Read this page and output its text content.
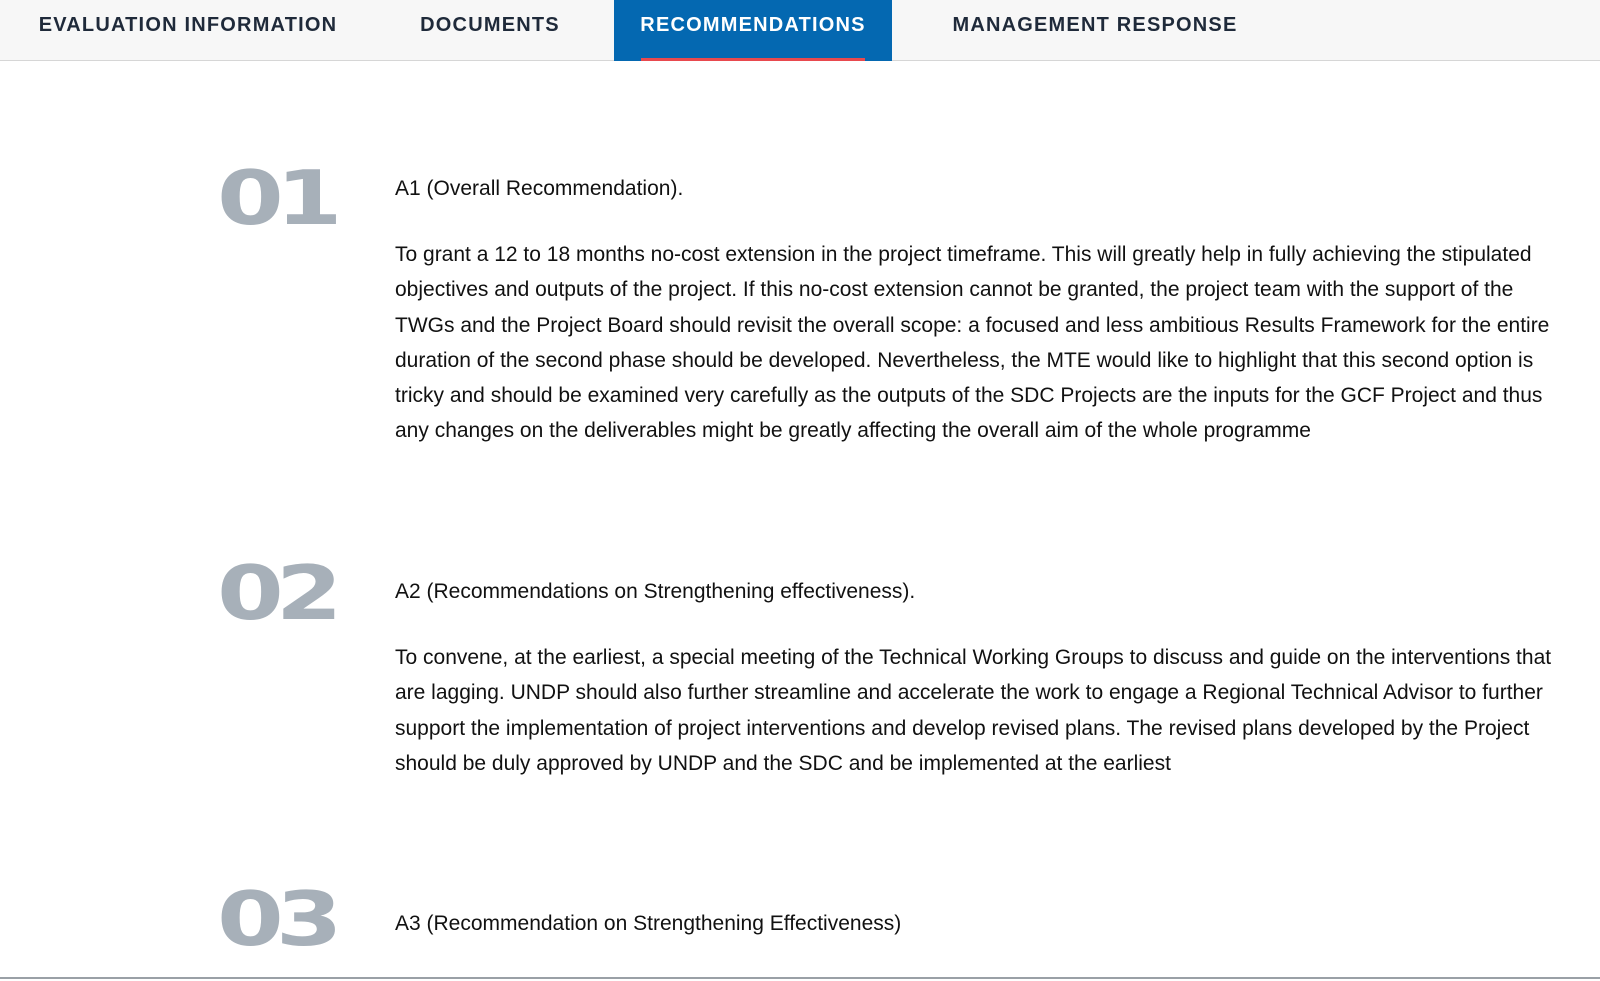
EVALUATION INFORMATION	DOCUMENTS	RECOMMENDATIONS	MANAGEMENT RESPONSE
01	A1 (Overall Recommendation).

To grant a 12 to 18 months no-cost extension in the project timeframe. This will greatly help in fully achieving the stipulated objectives and outputs of the project. If this no-cost extension cannot be granted, the project team with the support of the TWGs and the Project Board should revisit the overall scope: a focused and less ambitious Results Framework for the entire duration of the second phase should be developed. Nevertheless, the MTE would like to highlight that this second option is tricky and should be examined very carefully as the outputs of the SDC Projects are the inputs for the GCF Project and thus any changes on the deliverables might be greatly affecting the overall aim of the whole programme

02	A2 (Recommendations on Strengthening effectiveness).

To convene, at the earliest, a special meeting of the Technical Working Groups to discuss and guide on the interventions that are lagging. UNDP should also further streamline and accelerate the work to engage a Regional Technical Advisor to further support the implementation of project interventions and develop revised plans. The revised plans developed by the Project should be duly approved by UNDP and the SDC and be implemented at the earliest

03	A3 (Recommendation on Strengthening Effectiveness)
